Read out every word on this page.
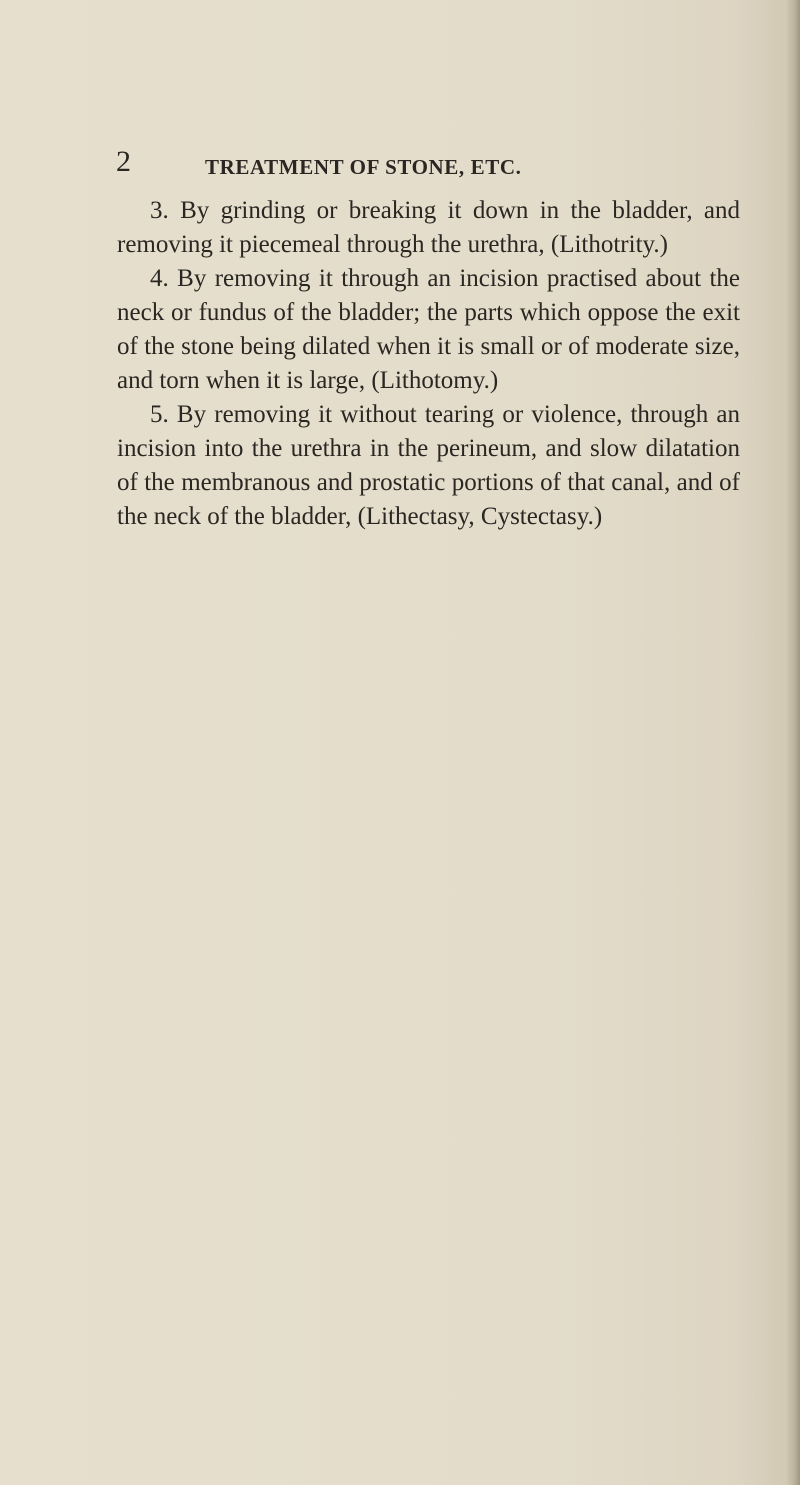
2	TREATMENT OF STONE, ETC.

3. By grinding or breaking it down in the bladder, and removing it piecemeal through the urethra, (Lithotrity.)

4. By removing it through an incision practised about the neck or fundus of the bladder; the parts which oppose the exit of the stone being dilated when it is small or of moderate size, and torn when it is large, (Lithotomy.)

5. By removing it without tearing or violence, through an incision into the urethra in the perineum, and slow dilatation of the membranous and prostatic portions of that canal, and of the neck of the bladder, (Lithectasy, Cystectasy.)
